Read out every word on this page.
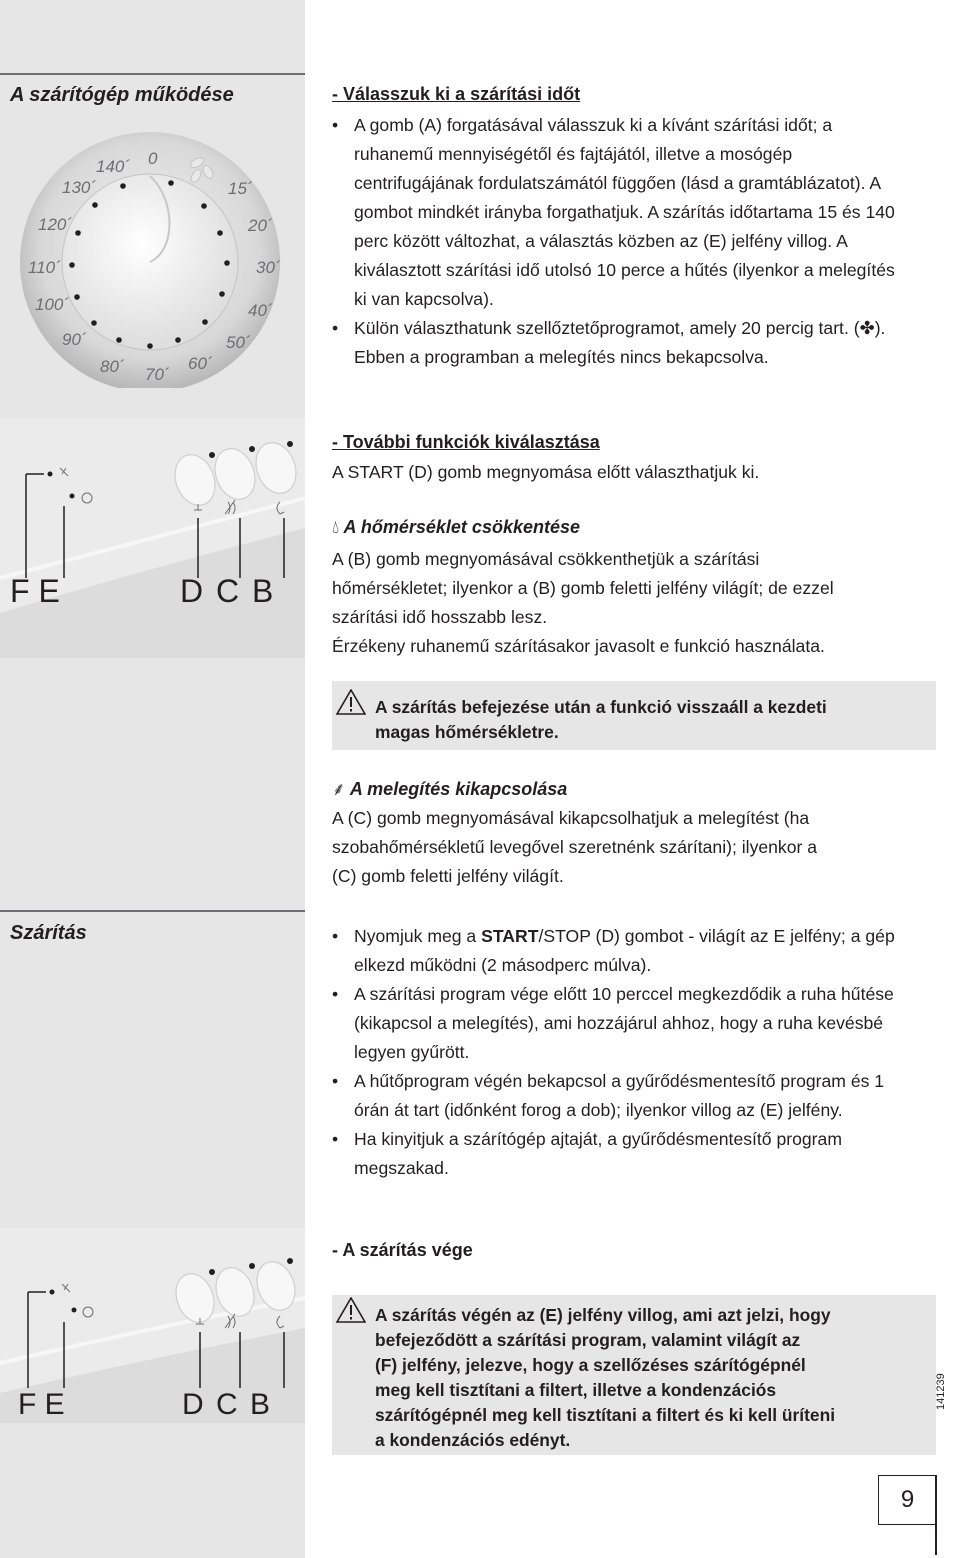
A szárítógép működése
0
15´
20´
30´
40´
50´
60´
70´
80´
90´
100´
110´
120´
130´
140´
- Válasszuk ki a szárítási időt
• A gomb (A) forgatásával válasszuk ki a kívánt szárítási időt; a ruhanemű mennyiségétől és fajtájától, illetve a mosógép centrifugájának fordulatszámától függően (lásd a gramtáblázatot). A gombot mindkét irányba forgathatjuk. A szárítás időtartama 15 és 140 perc között változhat, a választás közben az (E) jelfény villog. A kiválasztott szárítási idő utolsó 10 perce a hűtés (ilyenkor a melegítés ki van kapcsolva).
• Külön választhatunk szellőztetőprogramot, amely 20 percig tart. (✤). Ebben a programban a melegítés nincs bekapcsolva.
F E	D C B
- További funkciók kiválasztása
A START (D) gomb megnyomása előtt választhatjuk ki.
💧︎ A hőmérséklet csökkentése
A (B) gomb megnyomásával csökkenthetjük a szárítási
hőmérsékletet; ilyenkor a (B) gomb feletti jelfény világít; de ezzel
szárítási idő hosszabb lesz.
Érzékeny ruhanemű szárításakor javasolt e funkció használata.

A szárítás befejezése után a funkció visszaáll a kezdeti

magas hőmérsékletre.

⸙ A melegítés kikapcsolása
A (C) gomb megnyomásával kikapcsolhatjuk a melegítést (ha
szobahőmérsékletű levegővel szeretnénk szárítani); ilyenkor a
(C) gomb feletti jelfény világít.
Szárítás
•	Nyomjuk meg a START/STOP (D) gombot - világít az E jelfény; a gép elkezd működni (2 másodperc múlva).
• A szárítási program vége előtt 10 perccel megkezdődik a ruha hűtése (kikapcsol a melegítés), ami hozzájárul ahhoz, hogy a ruha kevésbé legyen gyűrött.
• A hűtőprogram végén bekapcsol a gyűrődésmentesítő program és 1 órán át tart (időnként forog a dob); ilyenkor villog az (E) jelfény.
• Ha kinyitjuk a szárítógép ajtaját, a gyűrődésmentesítő program megszakad.
F E	D C B
- A szárítás vége

A szárítás végén az (E) jelfény villog, ami azt jelzi, hogy

befejeződött a szárítási program, valamint világít az

(F) jelfény, jelezve, hogy a szellőzéses szárítógépnél

meg kell tisztítani a filtert, illetve a kondenzációs

szárítógépnél meg kell tisztítani a filtert és ki kell üríteni

a kondenzációs edényt.

141239
9
